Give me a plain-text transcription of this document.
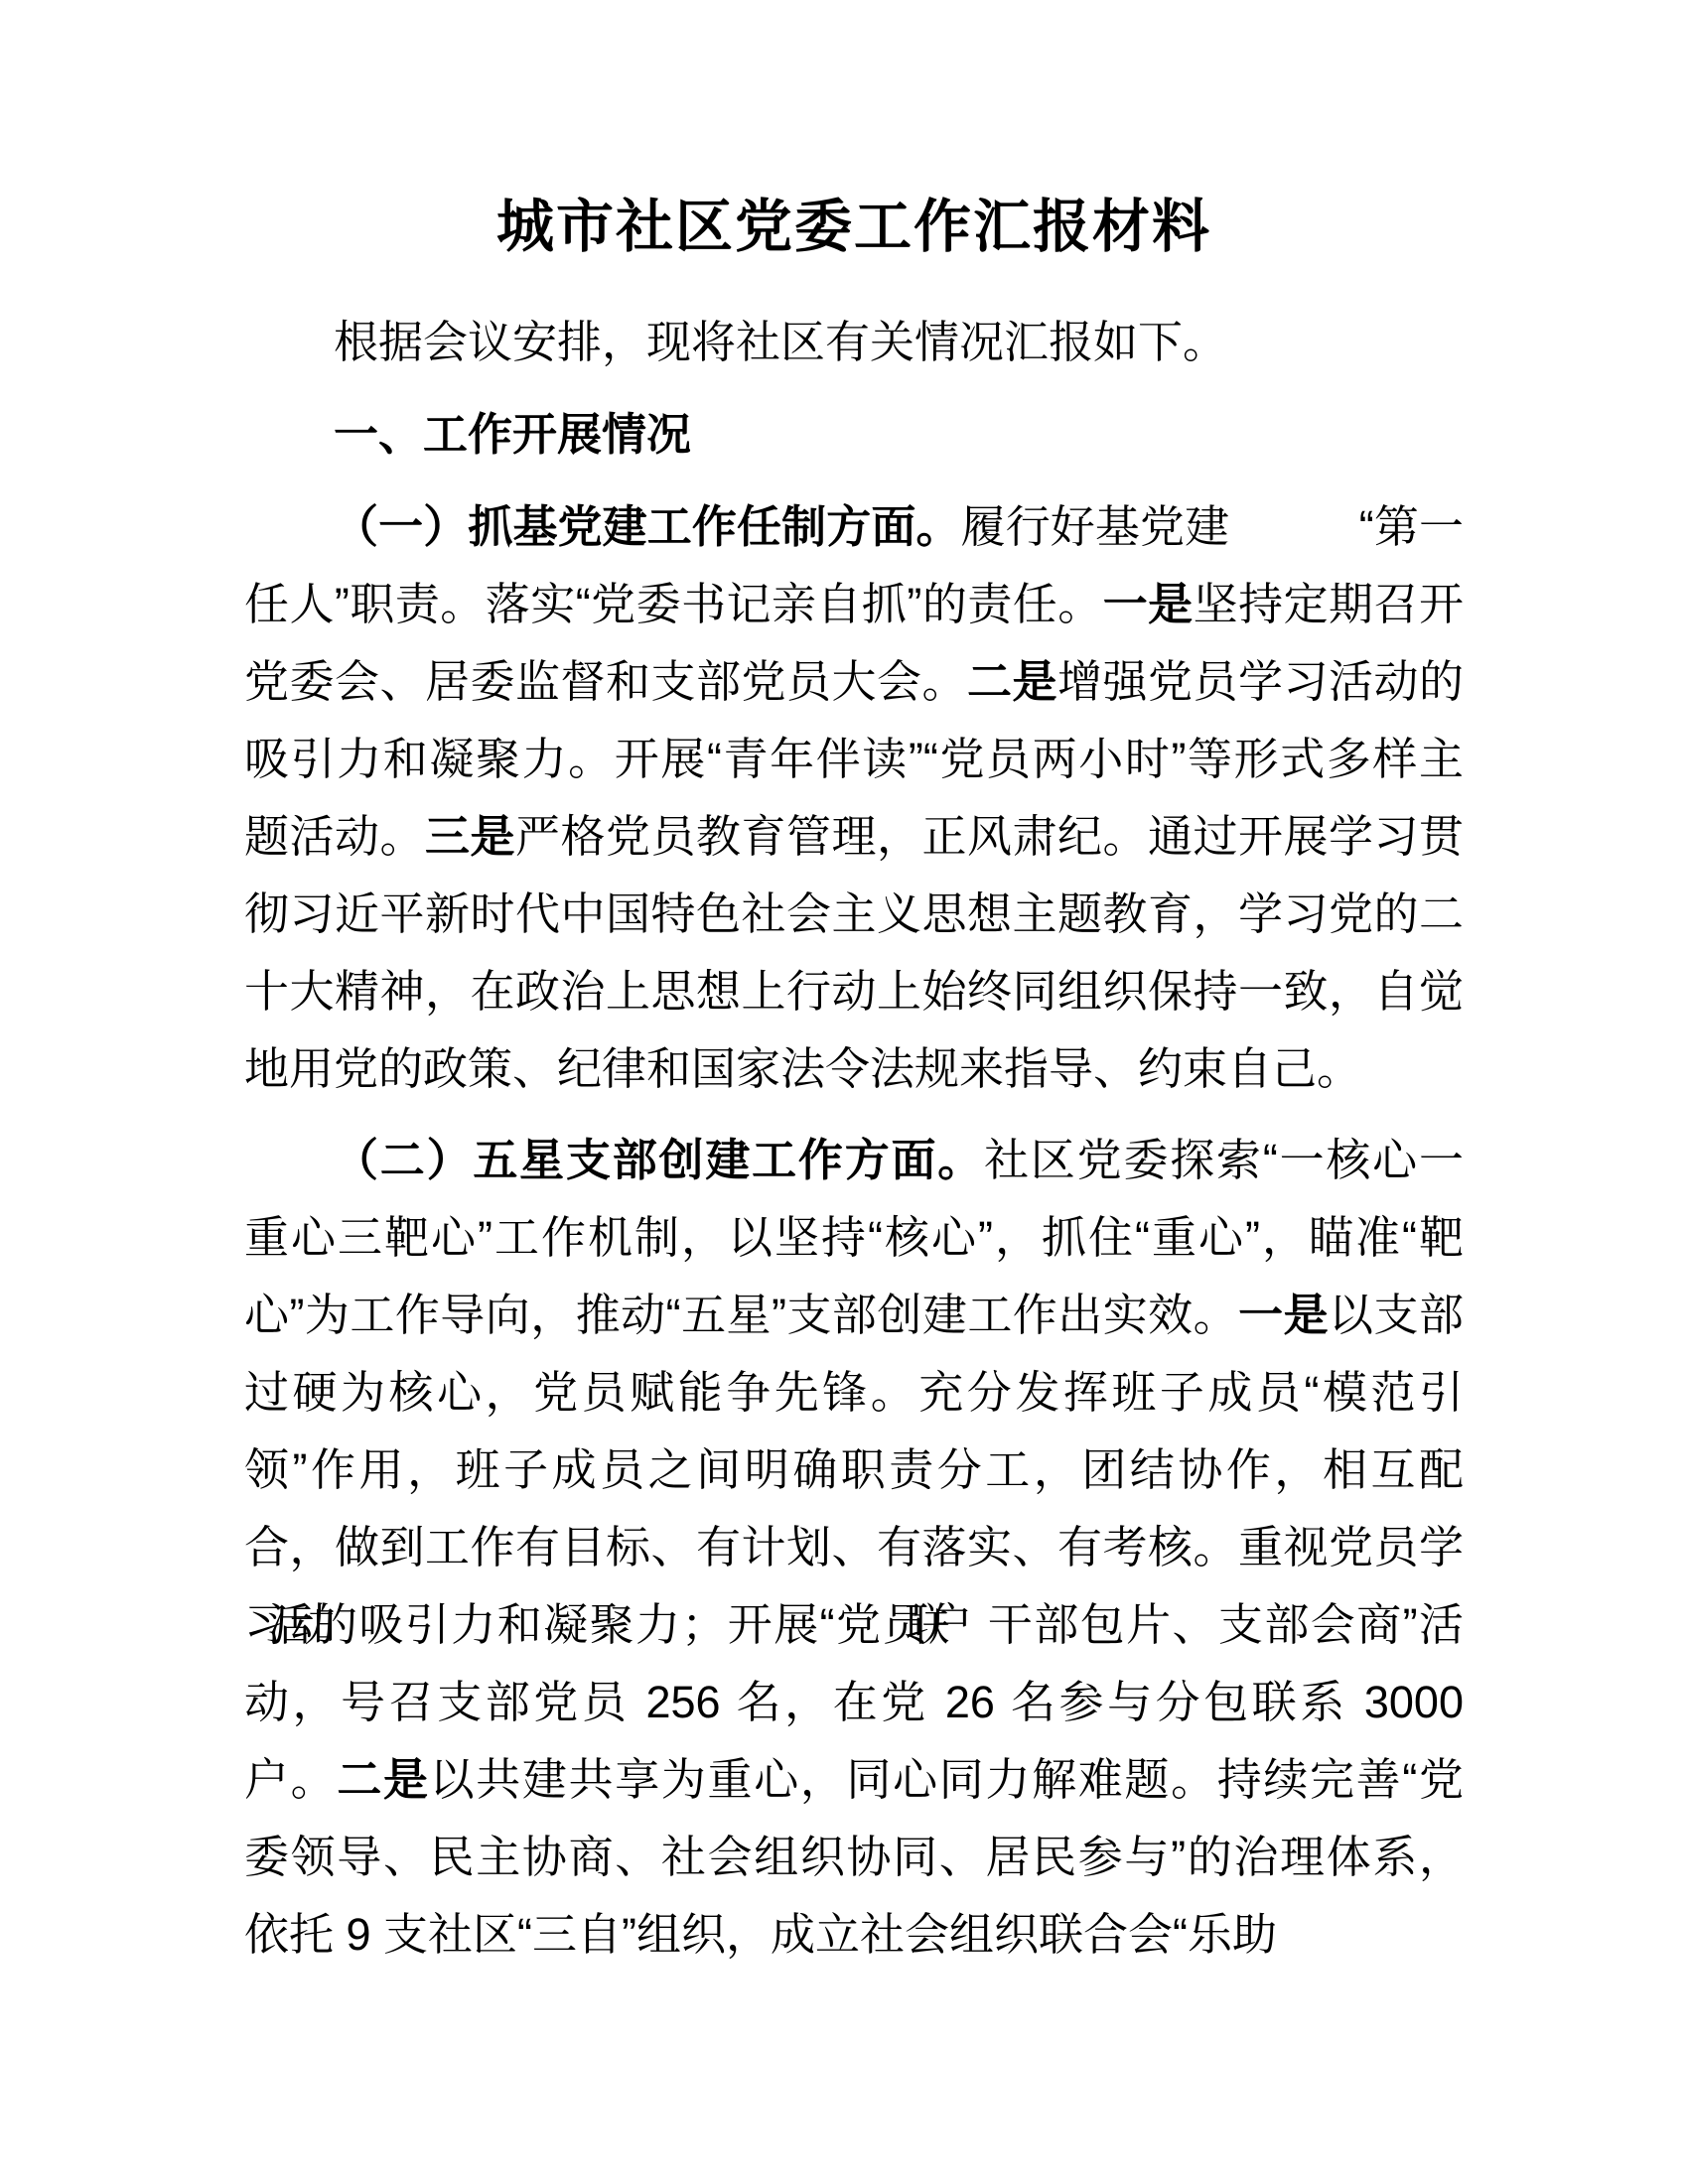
城市社区党委工作汇报材料

根据会议安排，现将社区有关情况汇报如下。

一、工作开展情况

（一）抓基党建工作任制方面。履行好基党建	“第一任人”职责。落实“党委书记亲自抓”的责任。一是坚持定期召开党委会、居委监督和支部党员大会。二是增强党员学习活动的吸引力和凝聚力。开展“青年伴读”“党员两小时”等形式多样主题活动。三是严格党员教育管理，正风肃纪。通过开展学习贯彻习近平新时代中国特色社会主义思想主题教育，学习党的二十大精神，在政治上思想上行动上始终同组织保持一致，自觉地用党的政策、纪律和国家法令法规来指导、约束自己。

（二）五星支部创建工作方面。社区党委探索“一核心一重心三靶心”工作机制，以坚持“核心”，抓住“重心”，瞄准“靶心”为工作导向，推动“五星”支部创建工作出实效。一是以支部过硬为核心，党员赋能争先锋。充分发挥班子成员“模范引领”作用，班子成员之间明确职责分工，团结协作，相互配合，做到工作有目标、有计划、有落实、有考核。重视党员学习活动的 吸引力和凝聚力；开展“党员联户 干部包片、支部会商”活动，号召支部党员 256 名，在党 26 名参与分包联系 3000 户。二是以共建共享为重心，同心同力解难题。持续完善“党委领导、民主协商、社会组织协同、居民参与”的治理体系，依托 9 支社区“三自”组织，成立社会组织联合会“乐助
